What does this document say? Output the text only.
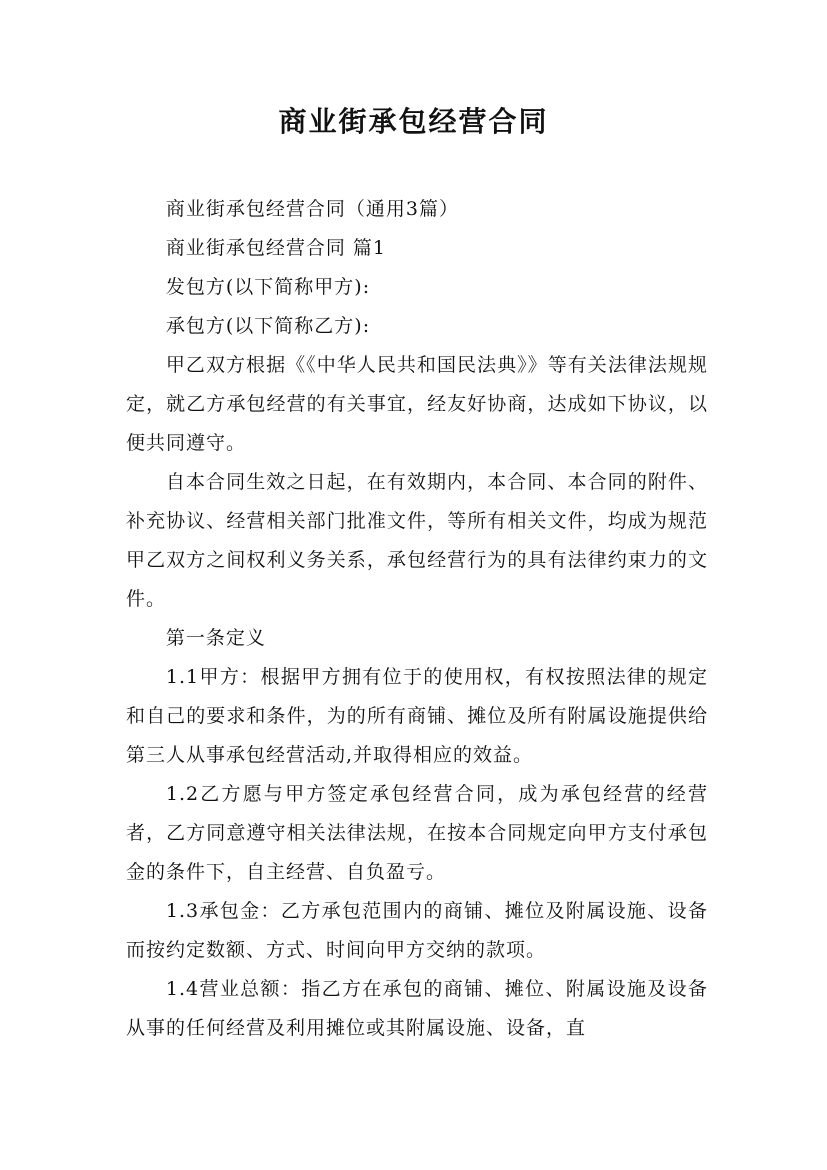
商业街承包经营合同

商业街承包经营合同（通用3篇）

商业街承包经营合同 篇1

发包方(以下简称甲方):

承包方(以下简称乙方):

甲乙双方根据《《中华人民共和国民法典》》等有关法律法规规定，就乙方承包经营的有关事宜，经友好协商，达成如下协议，以便共同遵守。

自本合同生效之日起，在有效期内，本合同、本合同的附件、补充协议、经营相关部门批准文件，等所有相关文件，均成为规范甲乙双方之间权利义务关系，承包经营行为的具有法律约束力的文件。

第一条定义

1.1甲方：根据甲方拥有位于的使用权，有权按照法律的规定和自己的要求和条件，为的所有商铺、摊位及所有附属设施提供给第三人从事承包经营活动,并取得相应的效益。

1.2乙方愿与甲方签定承包经营合同，成为承包经营的经营者，乙方同意遵守相关法律法规，在按本合同规定向甲方支付承包金的条件下，自主经营、自负盈亏。

1.3承包金：乙方承包范围内的商铺、摊位及附属设施、设备而按约定数额、方式、时间向甲方交纳的款项。

1.4营业总额：指乙方在承包的商铺、摊位、附属设施及设备从事的任何经营及利用摊位或其附属设施、设备，直
